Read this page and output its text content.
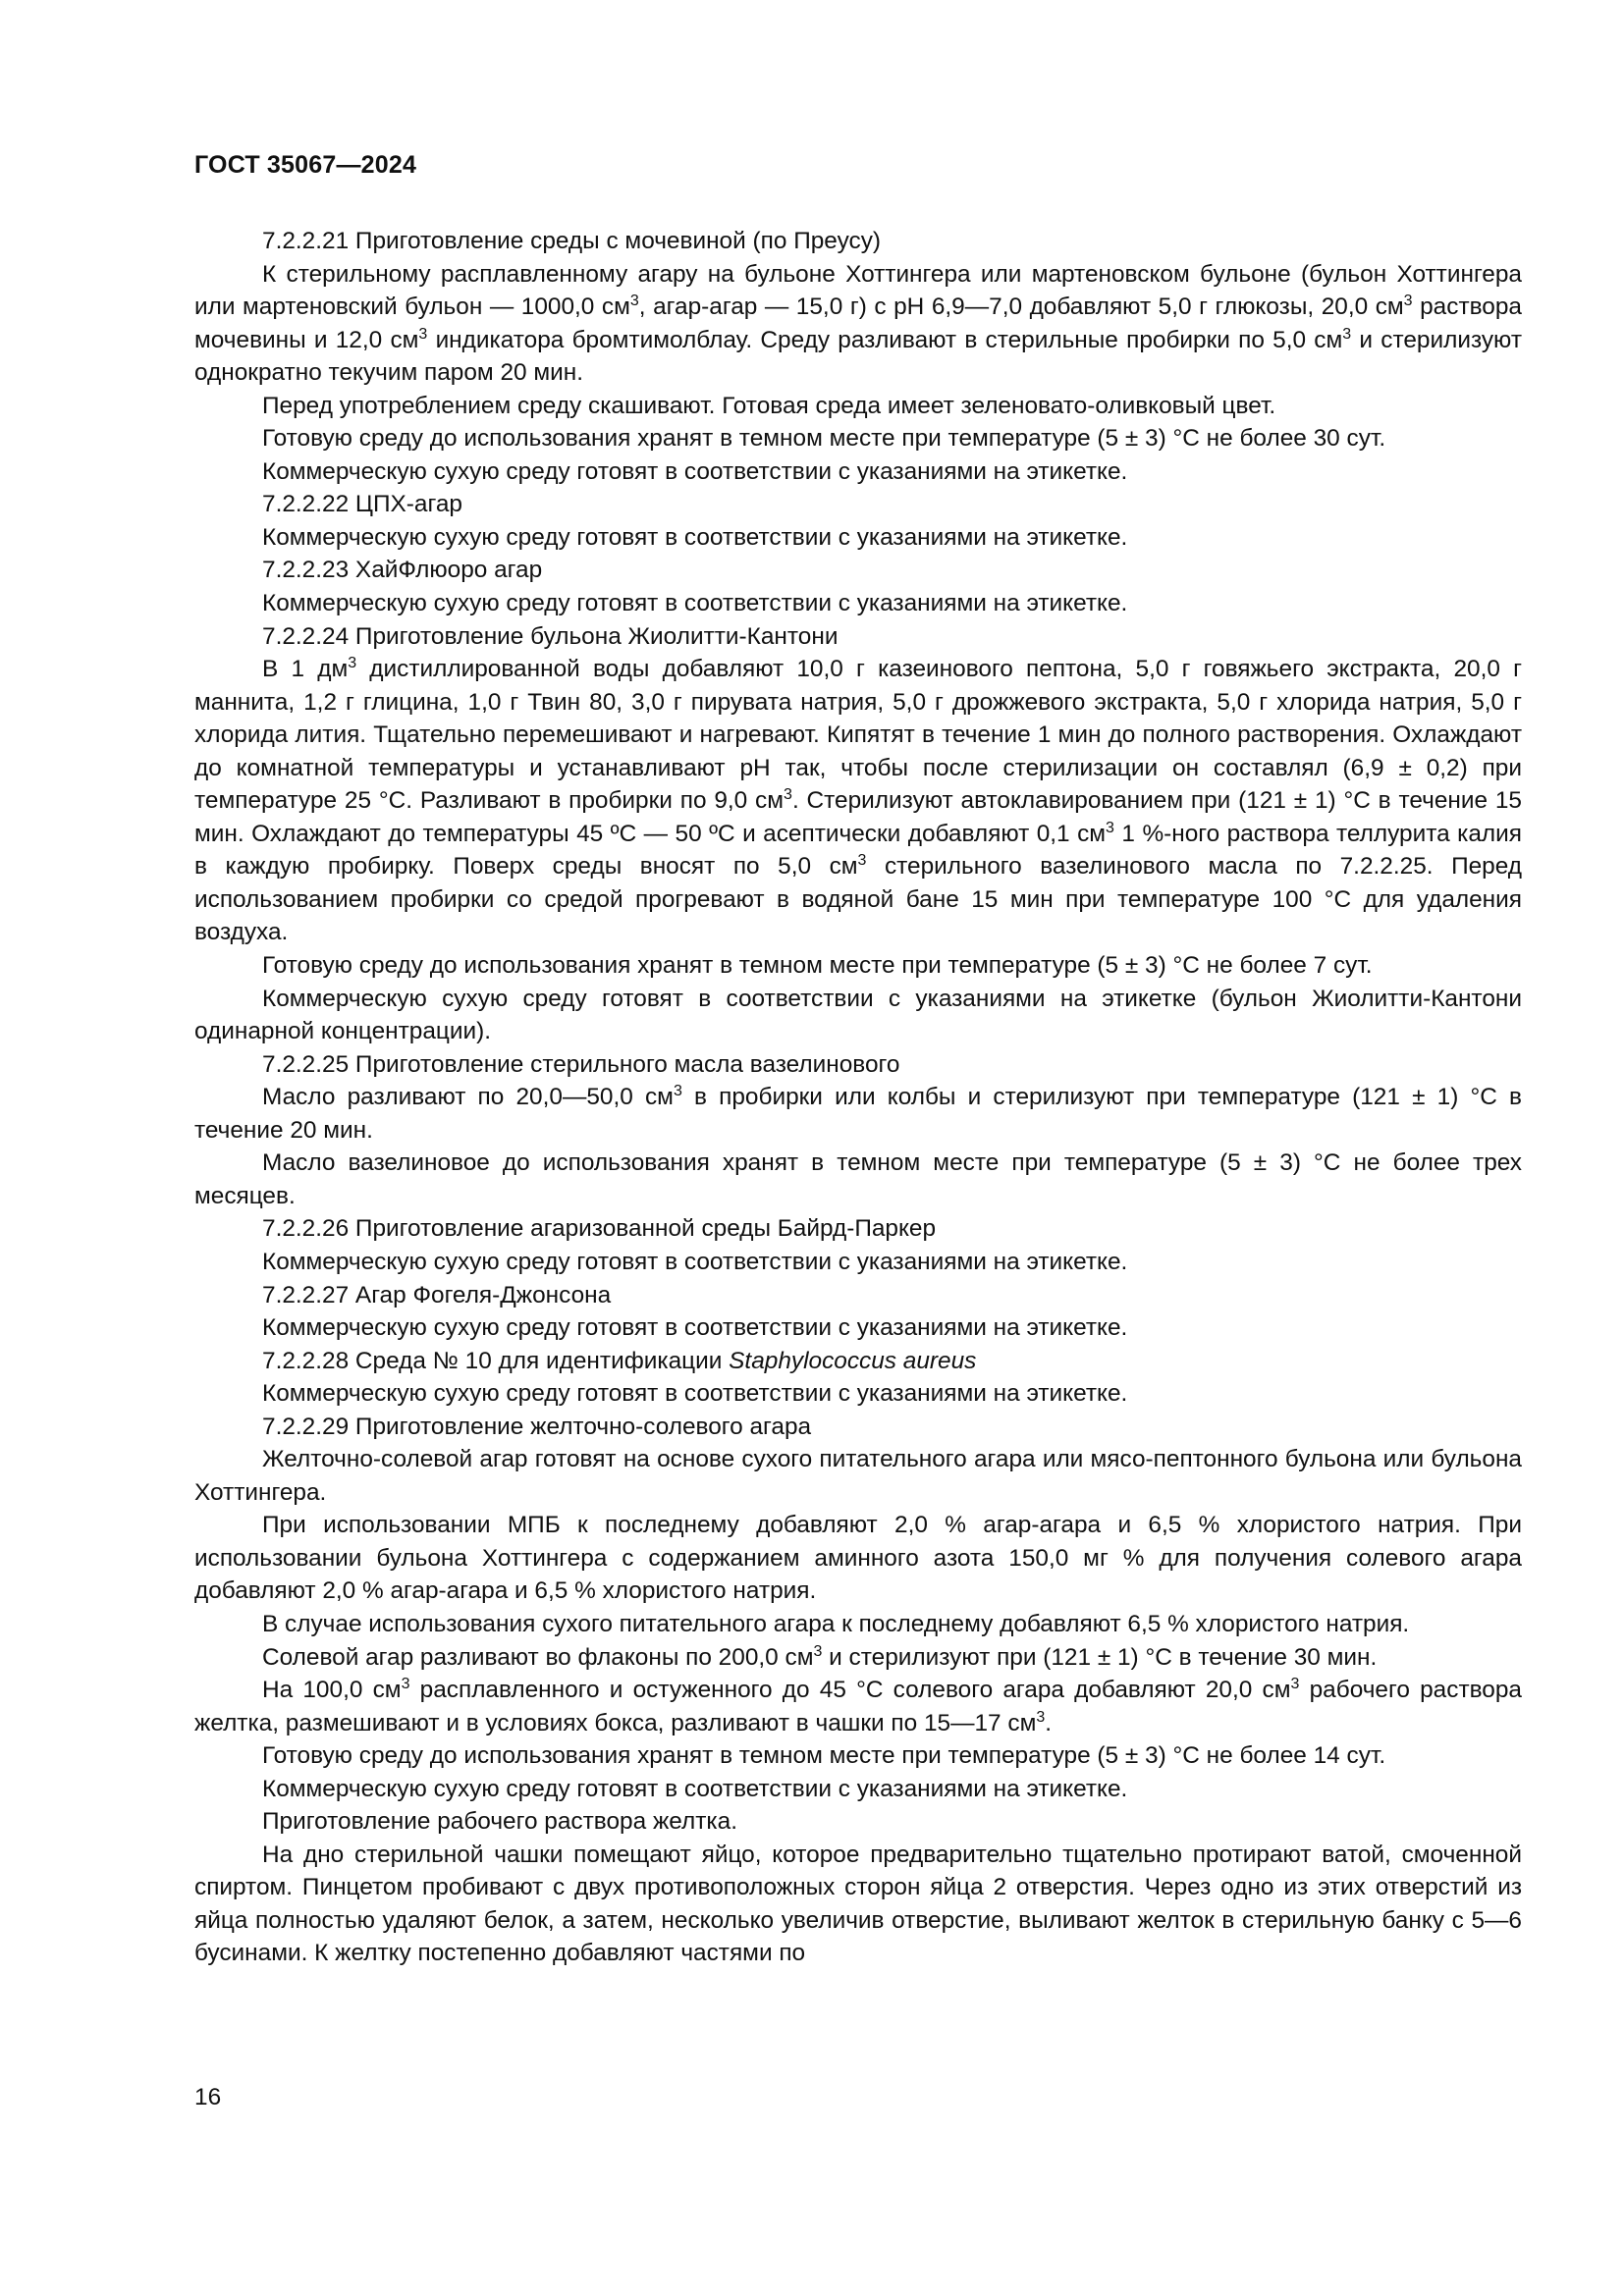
ГОСТ 35067—2024

7.2.2.21 Приготовление среды с мочевиной (по Преусу)

К стерильному расплавленному агару на бульоне Хоттингера или мартеновском бульоне (бульон Хоттингера или мартеновский бульон — 1000,0 $см^3$, агар-агар — 15,0 г) с pH 6,9—7,0 добавляют 5,0 г глюкозы, 20,0 $см^3$ раствора мочевины и 12,0 $см^3$ индикатора бромтимолблау. Среду разливают в стерильные пробирки по 5,0 $см^3$ и стерилизуют однократно текучим паром 20 мин.

Перед употреблением среду скашивают. Готовая среда имеет зеленовато-оливковый цвет.

Готовую среду до использования хранят в темном месте при температуре (5 ± 3) °С не более 30 сут.

Коммерческую сухую среду готовят в соответствии с указаниями на этикетке.

7.2.2.22 ЦПХ-агар

Коммерческую сухую среду готовят в соответствии с указаниями на этикетке.

7.2.2.23 ХайФлюоро агар

Коммерческую сухую среду готовят в соответствии с указаниями на этикетке.

7.2.2.24 Приготовление бульона Жиолитти-Кантони

В 1 $дм^3$ дистиллированной воды добавляют 10,0 г казеинового пептона, 5,0 г говяжьего экстракта, 20,0 г маннита, 1,2 г глицина, 1,0 г Твин 80, 3,0 г пирувата натрия, 5,0 г дрожжевого экстракта, 5,0 г хлорида натрия, 5,0 г хлорида лития. Тщательно перемешивают и нагревают. Кипятят в течение 1 мин до полного растворения. Охлаждают до комнатной температуры и устанавливают pH так, чтобы после стерилизации он составлял (6,9 ± 0,2) при температуре 25 °С. Разливают в пробирки по 9,0 $см^3$. Стерилизуют автоклавированием при (121 ± 1) °С в течение 15 мин. Охлаждают до температуры 45 ºС — 50 ºС и асептически добавляют 0,1 $см^3$ 1 %-ного раствора теллурита калия в каждую пробирку. Поверх среды вносят по 5,0 $см^3$ стерильного вазелинового масла по 7.2.2.25. Перед использованием пробирки со средой прогревают в водяной бане 15 мин при температуре 100 °С для удаления воздуха.

Готовую среду до использования хранят в темном месте при температуре (5 ± 3) °С не более 7 сут.

Коммерческую сухую среду готовят в соответствии с указаниями на этикетке (бульон Жиолитти-Кантони одинарной концентрации).

7.2.2.25 Приготовление стерильного масла вазелинового

Масло разливают по 20,0—50,0 $см^3$ в пробирки или колбы и стерилизуют при температуре (121 ± 1) °С в течение 20 мин.

Масло вазелиновое до использования хранят в темном месте при температуре (5 ± 3) °С не более трех месяцев.

7.2.2.26 Приготовление агаризованной среды Байрд-Паркер

Коммерческую сухую среду готовят в соответствии с указаниями на этикетке.

7.2.2.27 Агар Фогеля-Джонсона

Коммерческую сухую среду готовят в соответствии с указаниями на этикетке.

7.2.2.28 Среда № 10 для идентификации Staphylococcus aureus

Коммерческую сухую среду готовят в соответствии с указаниями на этикетке.

7.2.2.29 Приготовление желточно-солевого агара

Желточно-солевой агар готовят на основе сухого питательного агара или мясо-пептонного бульона или бульона Хоттингера.

При использовании МПБ к последнему добавляют 2,0 % агар-агара и 6,5 % хлористого натрия. При использовании бульона Хоттингера с содержанием аминного азота 150,0 мг % для получения солевого агара добавляют 2,0 % агар-агара и 6,5 % хлористого натрия.

В случае использования сухого питательного агара к последнему добавляют 6,5 % хлористого натрия.

Солевой агар разливают во флаконы по 200,0 $см^3$ и стерилизуют при (121 ± 1) °С в течение 30 мин.

На 100,0 $см^3$ расплавленного и остуженного до 45 °С солевого агара добавляют 20,0 $см^3$ рабочего раствора желтка, размешивают и в условиях бокса, разливают в чашки по 15—17 $см^3$.

Готовую среду до использования хранят в темном месте при температуре (5 ± 3) °С не более 14 сут.

Коммерческую сухую среду готовят в соответствии с указаниями на этикетке.

Приготовление рабочего раствора желтка.

На дно стерильной чашки помещают яйцо, которое предварительно тщательно протирают ватой, смоченной спиртом. Пинцетом пробивают с двух противоположных сторон яйца 2 отверстия. Через одно из этих отверстий из яйца полностью удаляют белок, а затем, несколько увеличив отверстие, выливают желток в стерильную банку с 5—6 бусинами. К желтку постепенно добавляют частями по

16
